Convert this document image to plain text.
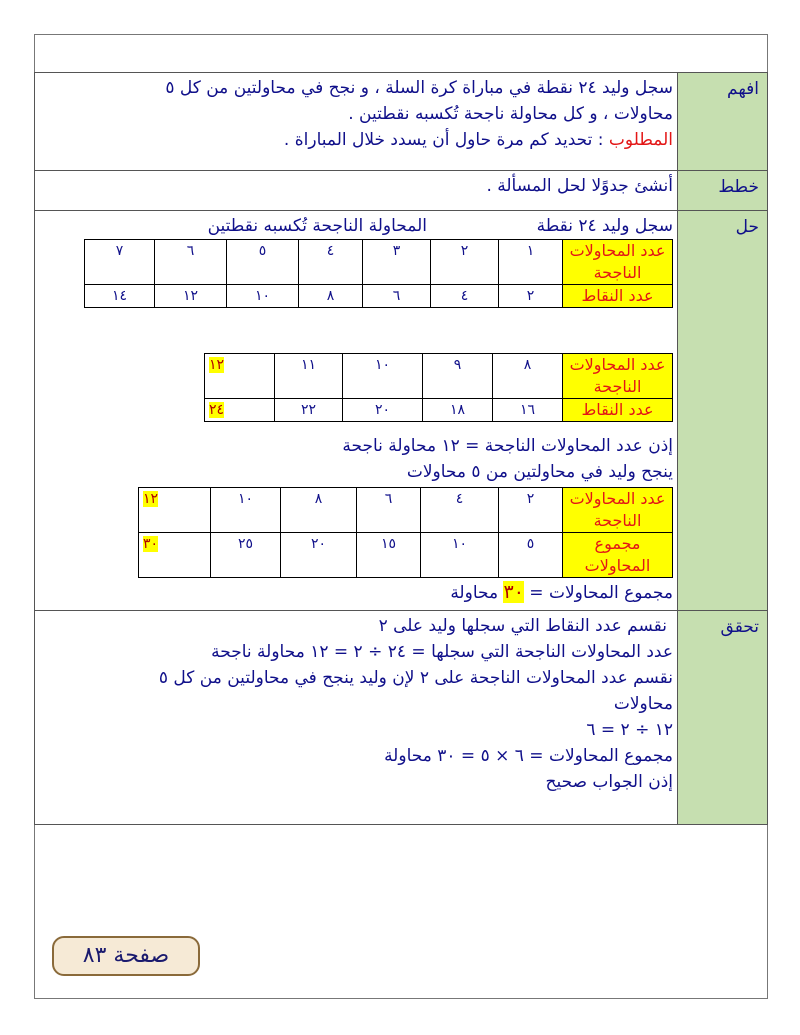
افهم	
سجل وليد ٢٤ نقطة في مباراة كرة السلة ، و نجح في محاولتين من كل ٥
محاولات ، و كل محاولة ناجحة تُكسبه نقطتين .
المطلوب : تحديد كم مرة حاول أن يسدد خلال المباراة .

خطط	
أنشئ جدوًلا لحل المسألة .

حل	
سجل وليد ٢٤ نقطة
المحاولة الناجحة تُكسبه نقطتين
عدد المحاولات الناجحة	١	٢	٣	٤	٥	٦	٧
عدد النقاط	٢	٤	٦	٨	١٠	١٢	١٤
عدد المحاولات الناجحة	٨	٩	١٠	١١	١٢
عدد النقاط	١٦	١٨	٢٠	٢٢	٢٤
إذن عدد المحاولات الناجحة = ١٢ محاولة ناجحة
ينجح وليد في محاولتين من ٥ محاولات
عدد المحاولات الناجحة	٢	٤	٦	٨	١٠	١٢
مجموع المحاولات	٥	١٠	١٥	٢٠	٢٥	٣٠
مجموع المحاولات = ٣٠ محاولة

تحقق	
نقسم عدد النقاط التي سجلها وليد على ٢
عدد المحاولات الناجحة التي سجلها = ٢٤ ÷ ٢ = ١٢ محاولة ناجحة
نقسم عدد المحاولات الناجحة على ٢ لإن وليد ينجح في محاولتين من كل ٥
محاولات
١٢ ÷ ٢ = ٦
مجموع المحاولات = ٦ × ٥ = ٣٠ محاولة
إذن الجواب صحيح
صفحة ٨٣
